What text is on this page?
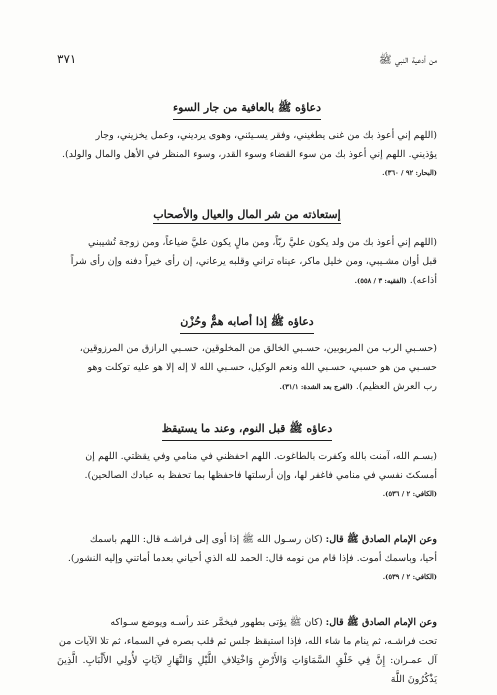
من أدعية النبي ﷺ
٣٧١
دعاؤه ﷺ بالعافية من جار السوء
(اللهم إني أعوذ بك من غنى يطغيني، وفقر يسـيئني، وهوى يرديني، وعمل يخزيني، وجار
يؤذيني. اللهم إني أعوذ بك من سوء القضاء وسوء القدر، وسوء المنظر في الأهل والمال والولد).
(البحار: ٩٢ / ٣٦٠).
إستعاذته من شر المال والعيال والأصحاب
(اللهم إني أعوذ بك من ولد يكون عليَّ ربّاً، ومن مالٍ يكون عليَّ ضياعاً، ومن زوجة تُشيبني
قبل أوان مشـيبي، ومن خليل ماكر، عيناه تراني وقلبه يرعاني، إن رأى خيراً دفنه وإن رأى شراً
أذاعه). (الفقيه: ٣ / ٥٥٨).
دعاؤه ﷺ إذا أصابه همٌّ وحُزْن
(حسـبي الرب من المربوبين، حسـبي الخالق من المخلوقين، حسـبي الرازق من المرزوقين،
حسـبي من هو حسبي، حسـبي الله ونعم الوكيل، حسـبي الله لا إله إلا هو عليه توكلت وهو
رب العرش العظيم). (الفرج بعد الشدة: ٣١/١).
دعاؤه ﷺ قبل النوم، وعند ما يستيقظ
(بسـم الله، آمنت بالله وكفرت بالطاغوت. اللهم احفظني في منامي وفي يقظتي. اللهم إن
أمسكتَ نفسي في منامي فاغفر لها، وإن أرسلتها فاحفظها بما تحفظ به عبادك الصالحين).
(الكافي: ٢ / ٥٣٦).
وعن الإمام الصادق ﷺ قال: (كان رسـول الله ﷺ إذا أوى إلى فراشـه قال: اللهم باسمك
أحيا، وباسمك أموت. فإذا قام من نومه قال: الحمد لله الذي أحياني بعدما أماتني وإليه النشور).
(الكافي: ٢ / ٥٣٩).
وعن الإمام الصادق ﷺ قال: (كان ﷺ يؤتى بطهور فيخمَّر عند رأسـه ويوضع سـواكه
تحت فراشـه، ثم ينام ما شاء الله، فإذا استيقظ جلس ثم قلب بصره في السماء، ثم تلا الآيات من
آل عمـران: إِنَّ فِي خَلْقِ السَّمَاوَاتِ وَالأَرْضِ وَاخْتِلافِ اللَّيْلِ وَالنَّهَارِ لآيَاتٍ لأُولِي الأَلْبَابِ. الَّذِينَ يَذْكُرُونَ اللَّهَ
